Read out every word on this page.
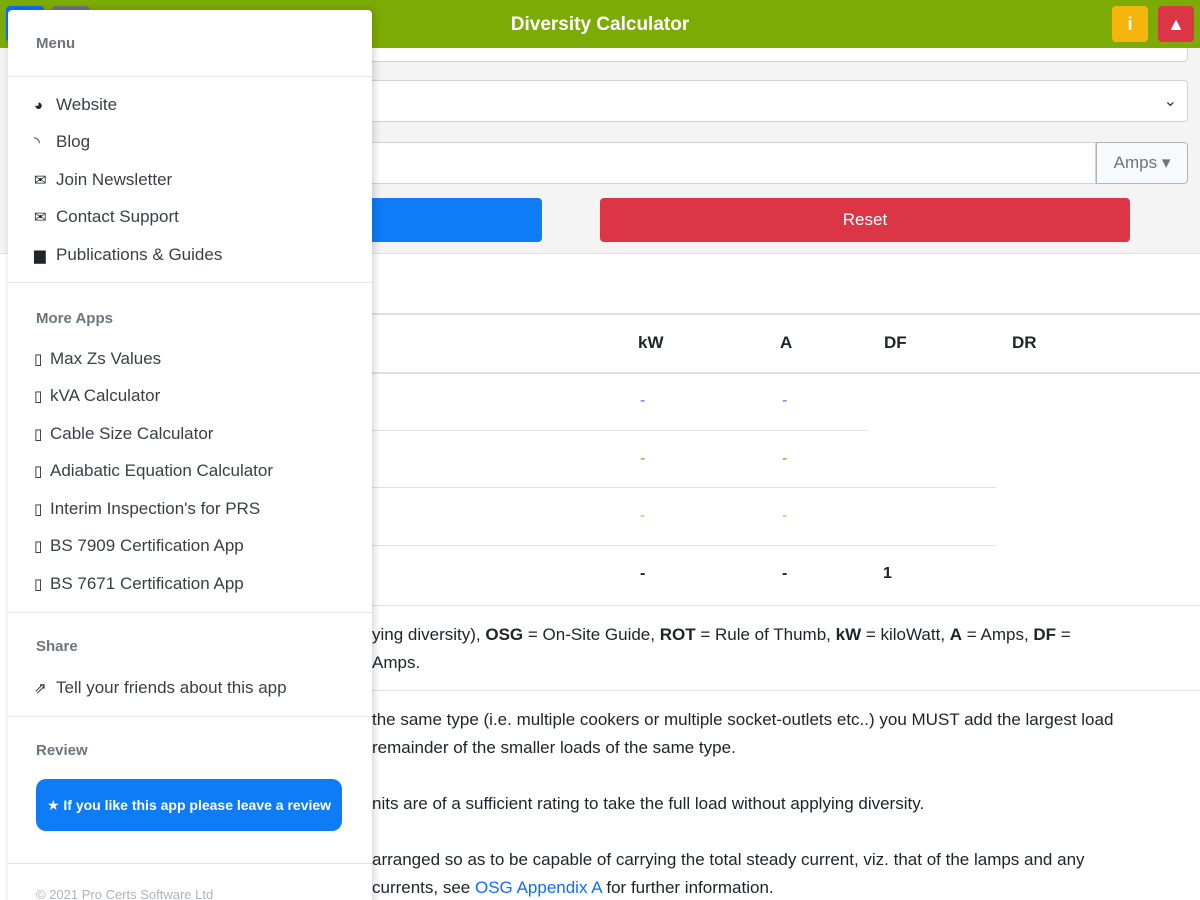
Diversity Calculator	i	▲
⌄
Amps ▾
Reset
kW	A	DF	DR
-	-
-	-
-	-
-	-	1
ying diversity), OSG = On-Site Guide, ROT = Rule of Thumb, kW = kiloWatt, A = Amps, DF =
Amps.
the same type (i.e. multiple cookers or multiple socket-outlets etc..) you MUST add the largest load
remainder of the smaller loads of the same type.
nits are of a sufficient rating to take the full load without applying diversity.
arranged so as to be capable of carrying the total steady current, viz. that of the lamps and any
currents, see OSG Appendix A for further information.
Menu
◕ Website
◝ Blog
✉ Join Newsletter
✉ Contact Support
▆ Publications & Guides
More Apps
▯ Max Zs Values
▯ kVA Calculator
▯ Cable Size Calculator
▯ Adiabatic Equation Calculator
▯ Interim Inspection's for PRS
▯ BS 7909 Certification App
▯ BS 7671 Certification App
Share
⇗ Tell your friends about this app
Review
★ If you like this app please leave a review
© 2021 Pro Certs Software Ltd
